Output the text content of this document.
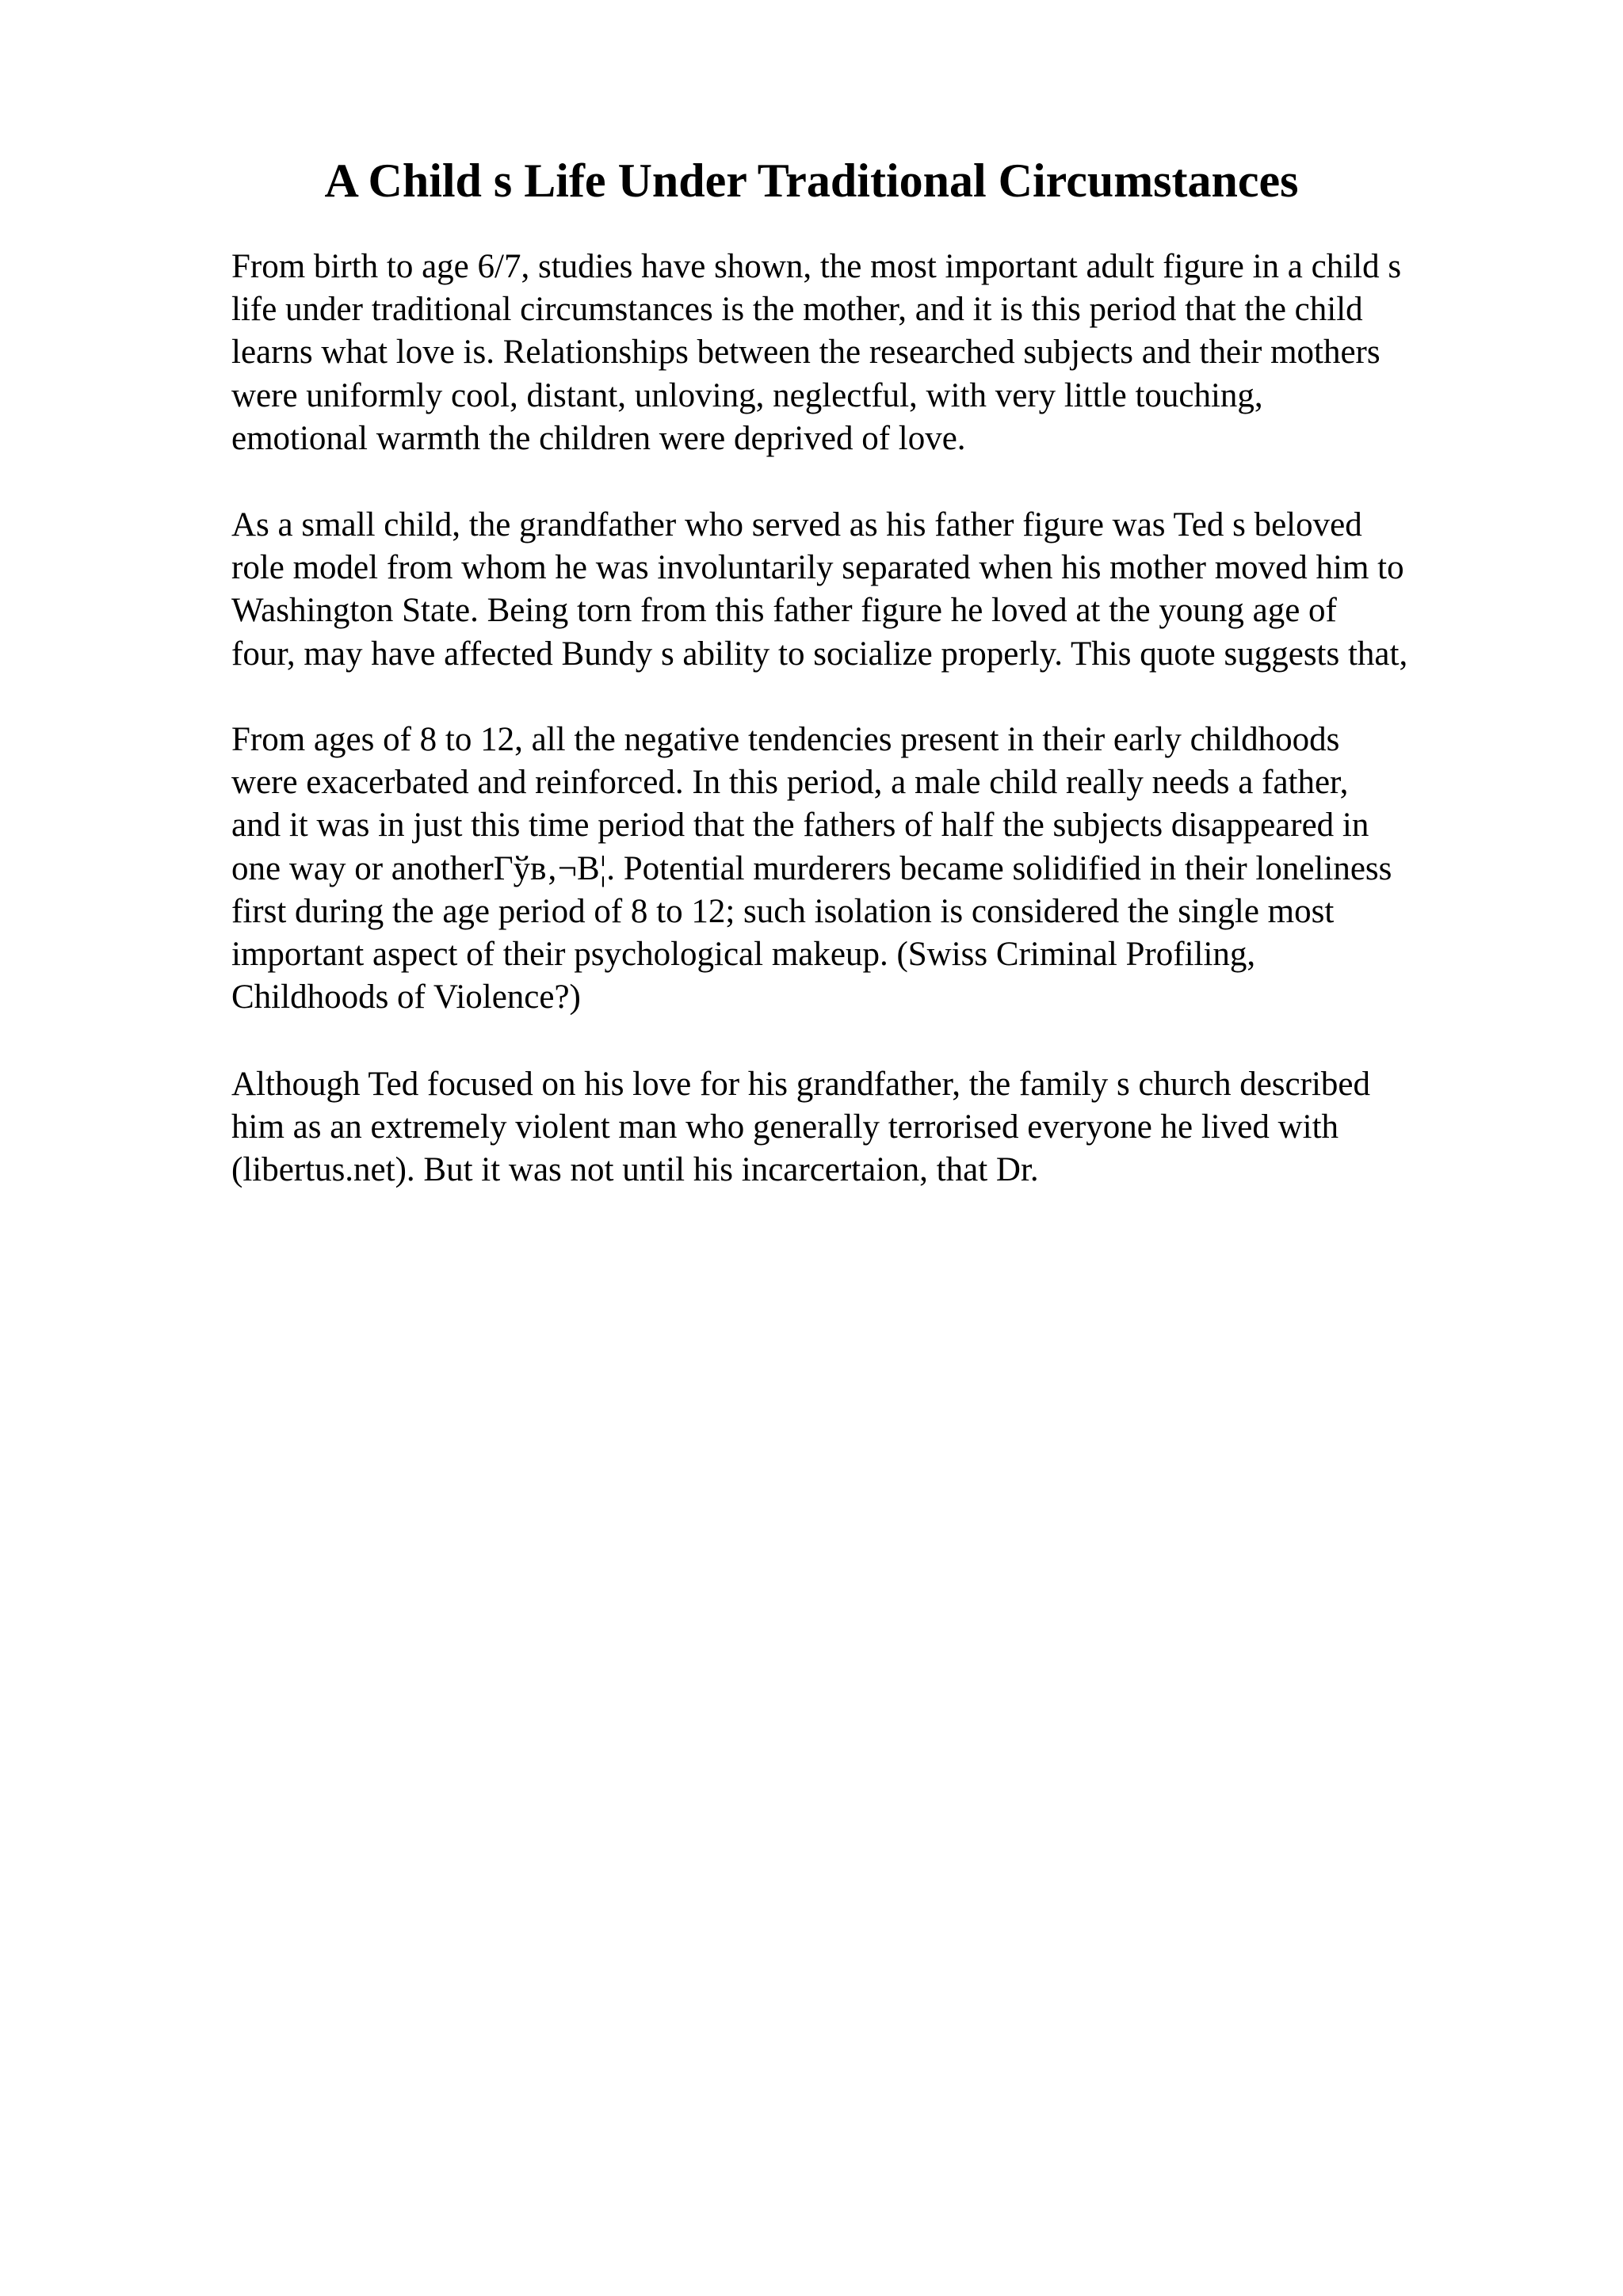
A Child s Life Under Traditional Circumstances

From birth to age 6/7, studies have shown, the most important adult figure in a child s
life under traditional circumstances is the mother, and it is this period that the child
learns what love is. Relationships between the researched subjects and their mothers
were uniformly cool, distant, unloving, neglectful, with very little touching,
emotional warmth the children were deprived of love.

As a small child, the grandfather who served as his father figure was Ted s beloved
role model from whom he was involuntarily separated when his mother moved him to
Washington State. Being torn from this father figure he loved at the young age of
four, may have affected Bundy s ability to socialize properly. This quote suggests that,

From ages of 8 to 12, all the negative tendencies present in their early childhoods
were exacerbated and reinforced. In this period, a male child really needs a father,
and it was in just this time period that the fathers of half the subjects disappeared in
one way or anotherГўв‚¬В¦. Potential murderers became solidified in their loneliness
first during the age period of 8 to 12; such isolation is considered the single most
important aspect of their psychological makeup. (Swiss Criminal Profiling,
Childhoods of Violence?)

Although Ted focused on his love for his grandfather, the family s church described
him as an extremely violent man who generally terrorised everyone he lived with
(libertus.net). But it was not until his incarcertaion, that Dr.
